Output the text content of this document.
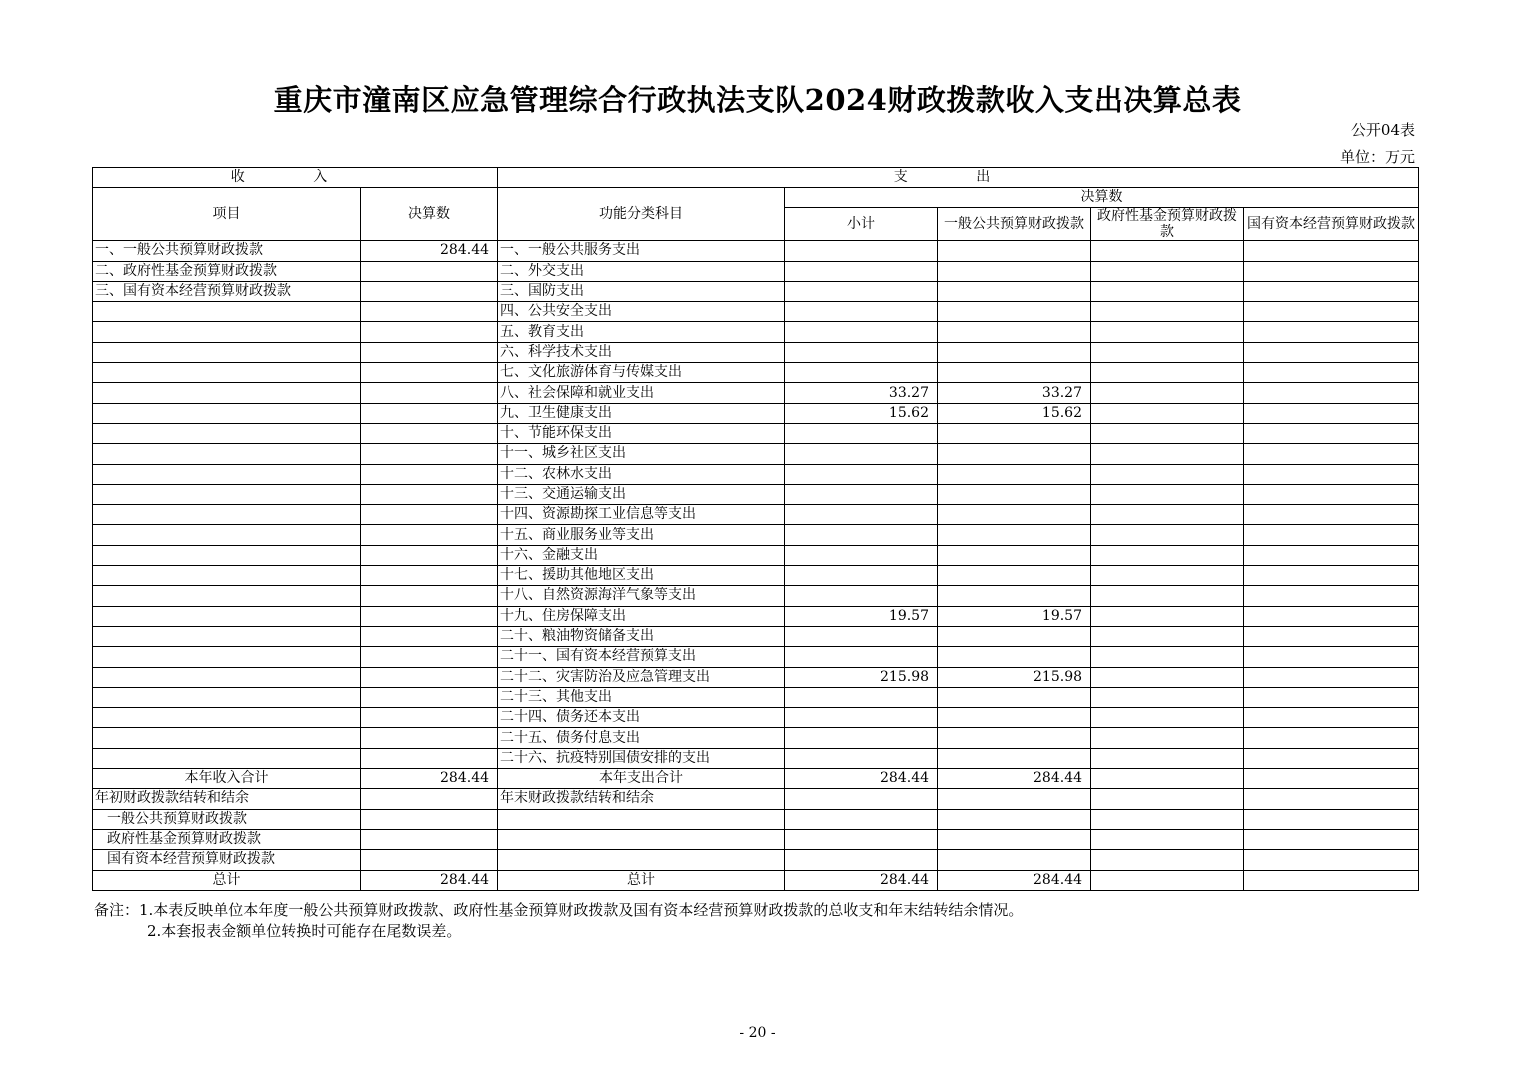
重庆市潼南区应急管理综合行政执法支队2024财政拨款收入支出决算总表
公开04表
单位：万元
收 入		支 出				
项目	决算数	功能分类科目	决算数			
			小计	一般公共预算财政拨款	政府性基金预算财政拨款	国有资本经营预算财政拨款

一、一般公共预算财政拨款	284.44	一、一般公共服务支出				
二、政府性基金预算财政拨款		二、外交支出				
三、国有资本经营预算财政拨款		三、国防支出				
		四、公共安全支出				
		五、教育支出				
		六、科学技术支出				
		七、文化旅游体育与传媒支出				
		八、社会保障和就业支出	33.27	33.27		
		九、卫生健康支出	15.62	15.62		
		十、节能环保支出				
		十一、城乡社区支出				
		十二、农林水支出				
		十三、交通运输支出				
		十四、资源勘探工业信息等支出				
		十五、商业服务业等支出				
		十六、金融支出				
		十七、援助其他地区支出				
		十八、自然资源海洋气象等支出				
		十九、住房保障支出	19.57	19.57		
		二十、粮油物资储备支出				
		二十一、国有资本经营预算支出				
		二十二、灾害防治及应急管理支出	215.98	215.98		
		二十三、其他支出				
		二十四、债务还本支出				
		二十五、债务付息支出				
		二十六、抗疫特别国债安排的支出				
本年收入合计	284.44	本年支出合计	284.44	284.44		
年初财政拨款结转和结余		年末财政拨款结转和结余				
一般公共预算财政拨款						
政府性基金预算财政拨款						
国有资本经营预算财政拨款						
总计	284.44	总计	284.44	284.44		
备注：1.本表反映单位本年度一般公共预算财政拨款、政府性基金预算财政拨款及国有资本经营预算财政拨款的总收支和年末结转结余情况。
2.本套报表金额单位转换时可能存在尾数误差。
- 20 -
